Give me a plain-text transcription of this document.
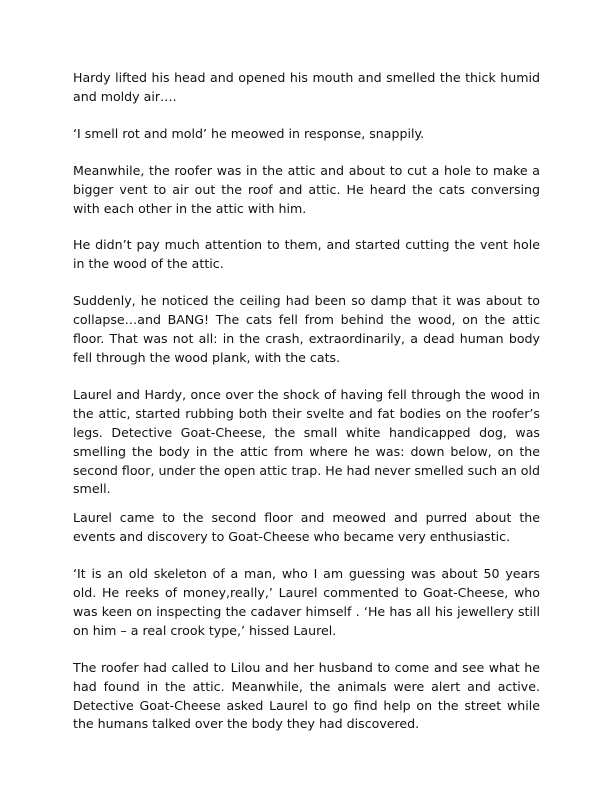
Hardy lifted his head and opened his mouth and smelled the thick humid and moldy air….

‘I smell rot and mold’ he meowed in response, snappily.

Meanwhile, the roofer was in the attic and about to cut a hole to make a bigger vent to air out the roof and attic. He heard the cats conversing with each other in the attic with him.

He didn’t pay much attention to them, and started cutting the vent hole in the wood of the attic.

Suddenly, he noticed the ceiling had been so damp that it was about to collapse…and BANG! The cats fell from behind the wood, on the attic floor. That was not all: in the crash, extraordinarily, a dead human body fell through the wood plank, with the cats.

Laurel and Hardy, once over the shock of having fell through the wood in the attic, started rubbing both their svelte and fat bodies on the roofer’s legs. Detective Goat-Cheese, the small white handicapped dog, was smelling the body in the attic from where he was: down below, on the second floor, under the open attic trap. He had never smelled such an old smell.

Laurel came to the second floor and meowed and purred about the events and discovery to Goat-Cheese who became very enthusiastic.

‘It is an old skeleton of a man, who I am guessing was about 50 years old. He reeks of money,really,’ Laurel commented to Goat-Cheese, who was keen on inspecting the cadaver himself . ‘He has all his jewellery still on him – a real crook type,’ hissed Laurel.

The roofer had called to Lilou and her husband to come and see what he had found in the attic. Meanwhile, the animals were alert and active. Detective Goat-Cheese asked Laurel to go find help on the street while the humans talked over the body they had discovered.
